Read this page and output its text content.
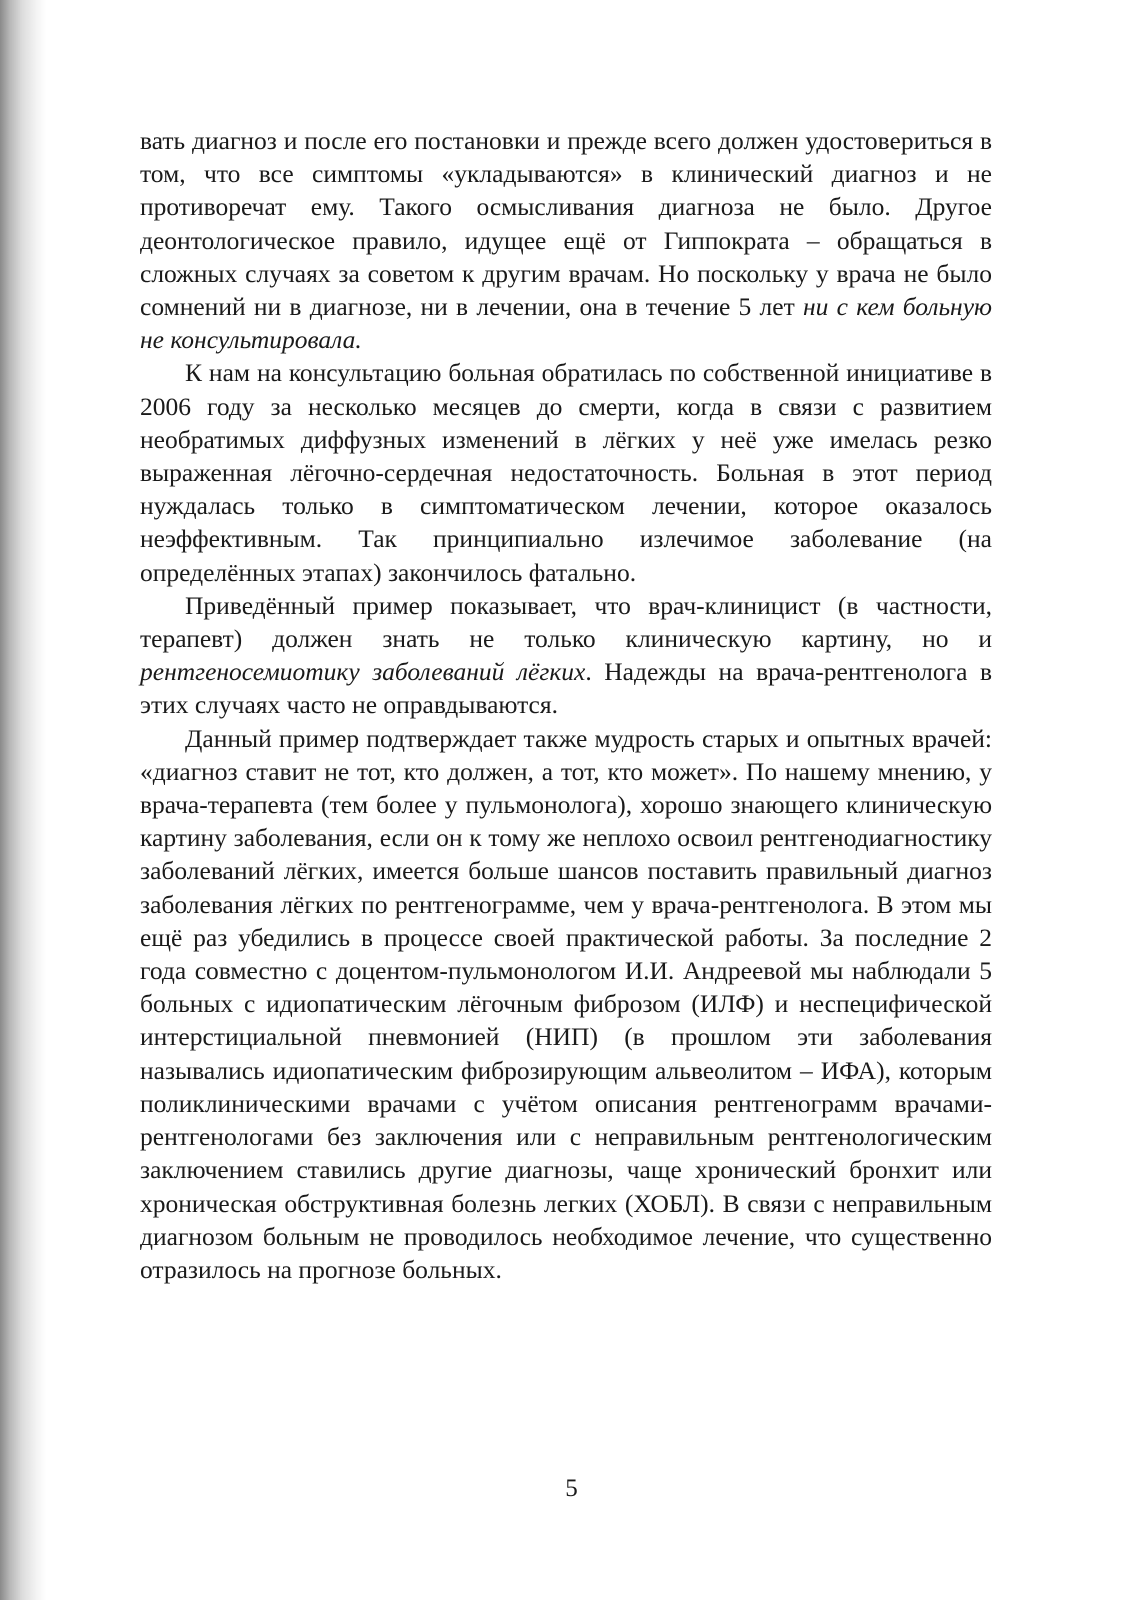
вать диагноз и после его постановки и прежде всего должен удостовериться в том, что все симптомы «укладываются» в клинический диагноз и не противоречат ему. Такого осмысливания диагноза не было. Другое деонтологическое правило, идущее ещё от Гиппократа – обращаться в сложных случаях за советом к другим врачам. Но поскольку у врача не было сомнений ни в диагнозе, ни в лечении, она в течение 5 лет ни с кем больную не консультировала.

К нам на консультацию больная обратилась по собственной инициативе в 2006 году за несколько месяцев до смерти, когда в связи с развитием необратимых диффузных изменений в лёгких у неё уже имелась резко выраженная лёгочно-сердечная недостаточность. Больная в этот период нуждалась только в симптоматическом лечении, которое оказалось неэффективным. Так принципиально излечимое заболевание (на определённых этапах) закончилось фатально.

Приведённый пример показывает, что врач-клиницист (в частности, терапевт) должен знать не только клиническую картину, но и рентгеносемиотику заболеваний лёгких. Надежды на врача-рентгенолога в этих случаях часто не оправдываются.

Данный пример подтверждает также мудрость старых и опытных врачей: «диагноз ставит не тот, кто должен, а тот, кто может». По нашему мнению, у врача-терапевта (тем более у пульмонолога), хорошо знающего клиническую картину заболевания, если он к тому же неплохо освоил рентгенодиагностику заболеваний лёгких, имеется больше шансов поставить правильный диагноз заболевания лёгких по рентгенограмме, чем у врача-рентгенолога. В этом мы ещё раз убедились в процессе своей практической работы. За последние 2 года совместно с доцентом-пульмонологом И.И. Андреевой мы наблюдали 5 больных с идиопатическим лёгочным фиброзом (ИЛФ) и неспецифической интерстициальной пневмонией (НИП) (в прошлом эти заболевания назывались идиопатическим фиброзирующим альвеолитом – ИФА), которым поликлиническими врачами с учётом описания рентгенограмм врачами-рентгенологами без заключения или с неправильным рентгенологическим заключением ставились другие диагнозы, чаще хронический бронхит или хроническая обструктивная болезнь легких (ХОБЛ). В связи с неправильным диагнозом больным не проводилось необходимое лечение, что существенно отразилось на прогнозе больных.

5
